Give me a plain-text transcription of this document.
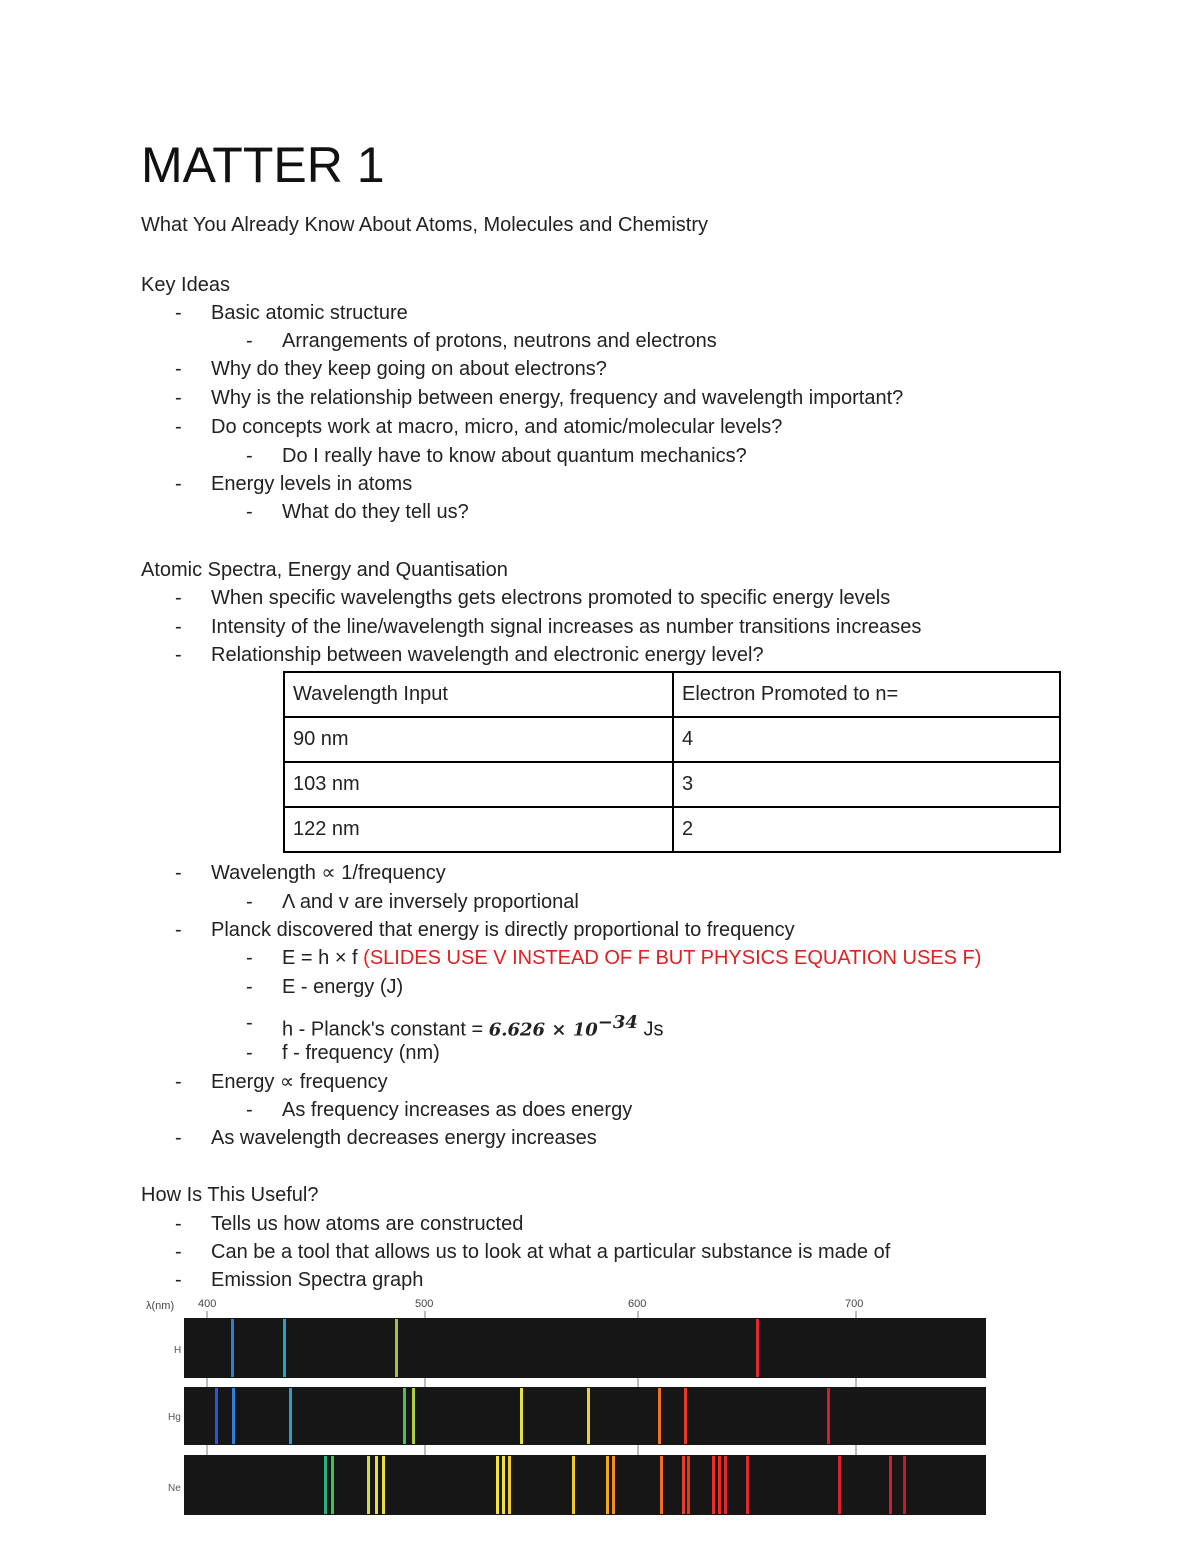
MATTER 1
What You Already Know About Atoms, Molecules and Chemistry
Key Ideas
- Basic atomic structure
- Arrangements of protons, neutrons and electrons
- Why do they keep going on about electrons?
- Why is the relationship between energy, frequency and wavelength important?
- Do concepts work at macro, micro, and atomic/molecular levels?
- Do I really have to know about quantum mechanics?
- Energy levels in atoms
- What do they tell us?
Atomic Spectra, Energy and Quantisation
- When specific wavelengths gets electrons promoted to specific energy levels
- Intensity of the line/wavelength signal increases as number transitions increases
- Relationship between wavelength and electronic energy level?
Wavelength Input	Electron Promoted to n=
90 nm	4
103 nm	3
122 nm	2
- Wavelength ∝ 1/frequency
- Λ and v are inversely proportional
- Planck discovered that energy is directly proportional to frequency
- E = h × f (SLIDES USE V INSTEAD OF F BUT PHYSICS EQUATION USES F)
- E - energy (J)
- h - Planck's constant = $6.626 \times 10^{-34}$ Js
- f - frequency (nm)
- Energy ∝ frequency
- As frequency increases as does energy
- As wavelength decreases energy increases
How Is This Useful?
- Tells us how atoms are constructed
- Can be a tool that allows us to look at what a particular substance is made of
- Emission Spectra graph
λ(nm) 400	500	600	700
H
Hg
Ne
